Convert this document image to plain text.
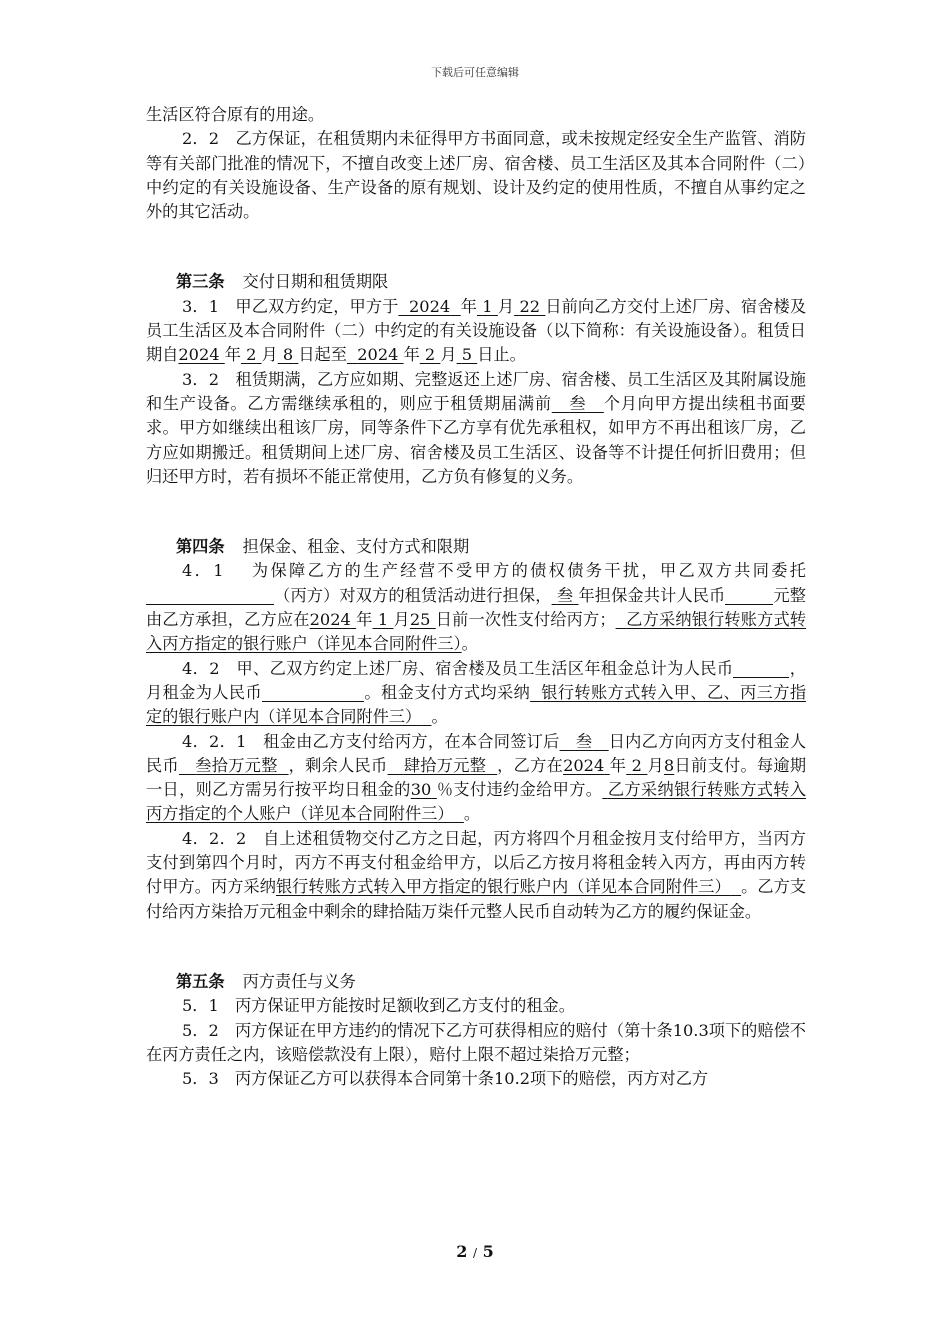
下载后可任意编辑

生活区符合原有的用途。

2．2　乙方保证，在租赁期内未征得甲方书面同意，或未按规定经安全生产监管、消防等有关部门批准的情况下，不擅自改变上述厂房、宿舍楼、员工生活区及其本合同附件（二）中约定的有关设施设备、生产设备的原有规划、设计及约定的使用性质，不擅自从事约定之外的其它活动。

第三条 交付日期和租赁期限

3．1　甲乙双方约定，甲方于 2024 年 1 月 22 日前向乙方交付上述厂房、宿舍楼及员工生活区及本合同附件（二）中约定的有关设施设备（以下简称：有关设施设备）。租赁日期自2024 年 2 月 8 日起至 2024 年 2 月 5 日止。

3．2　租赁期满，乙方应如期、完整返还上述厂房、宿舍楼、员工生活区及其附属设施和生产设备。乙方需继续承租的，则应于租赁期届满前 叁 个月向甲方提出续租书面要求。甲方如继续出租该厂房，同等条件下乙方享有优先承租权，如甲方不再出租该厂房，乙方应如期搬迁。租赁期间上述厂房、宿舍楼及员工生活区、设备等不计提任何折旧费用；但归还甲方时，若有损坏不能正常使用，乙方负有修复的义务。

第四条 担保金、租金、支付方式和限期

4．1　 为保障乙方的生产经营不受甲方的债权债务干扰，甲乙双方共同委托（丙方）对双方的租赁活动进行担保， 叁 年担保金共计人民币	元整由乙方承担，乙方应在2024 年 1 月25 日前一次性支付给丙方； 乙方采纳银行转账方式转入丙方指定的银行账户（详见本合同附件三）。

4．2　甲、乙双方约定上述厂房、宿舍楼及员工生活区年租金总计为人民币	，月租金为人民币	。租金支付方式均采纳 银行转账方式转入甲、乙、丙三方指定的银行账户内（详见本合同附件三） 。

4．2．1　租金由乙方支付给丙方，在本合同签订后 叁 日内乙方向丙方支付租金人民币 叁拾万元整 ，剩余人民币 肆拾万元整 ，乙方在2024 年 2 月8日前支付。每逾期一日，则乙方需另行按平均日租金的30 ％支付违约金给甲方。 乙方采纳银行转账方式转入丙方指定的个人账户（详见本合同附件三） 。

4．2．2　自上述租赁物交付乙方之日起，丙方将四个月租金按月支付给甲方，当丙方支付到第四个月时，丙方不再支付租金给甲方，以后乙方按月将租金转入丙方，再由丙方转付甲方。丙方采纳银行转账方式转入甲方指定的银行账户内（详见本合同附件三） 。乙方支付给丙方柒拾万元租金中剩余的肆拾陆万柒仟元整人民币自动转为乙方的履约保证金。

第五条 丙方责任与义务

5．1　丙方保证甲方能按时足额收到乙方支付的租金。

5．2　丙方保证在甲方违约的情况下乙方可获得相应的赔付（第十条10.3项下的赔偿不在丙方责任之内，该赔偿款没有上限），赔付上限不超过柒拾万元整；

5．3　丙方保证乙方可以获得本合同第十条10.2项下的赔偿，丙方对乙方

2 / 5
